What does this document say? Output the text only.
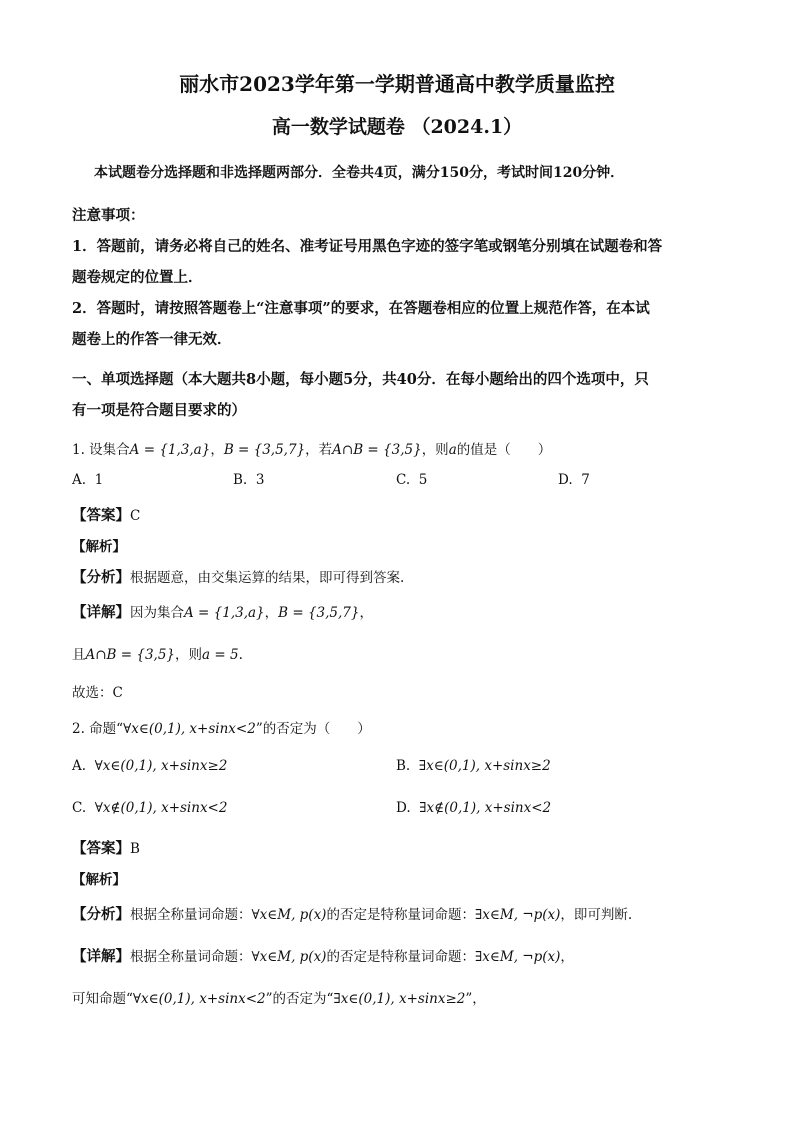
丽水市2023学年第一学期普通高中教学质量监控
高一数学试题卷 （2024.1）
本试题卷分选择题和非选择题两部分．全卷共4页，满分150分，考试时间120分钟．
注意事项：
1．答题前，请务必将自己的姓名、准考证号用黑色字迹的签字笔或钢笔分别填在试题卷和答
题卷规定的位置上．
2．答题时，请按照答题卷上“注意事项”的要求，在答题卷相应的位置上规范作答，在本试
题卷上的作答一律无效．
一、单项选择题（本大题共8小题，每小题5分，共40分．在每小题给出的四个选项中，只
有一项是符合题目要求的）
1. 设集合A = {1,3,a}，B = {3,5,7}，若A∩B = {3,5}，则a的值是（　　）
A. 1	B. 3	C. 5	D. 7
【答案】C
【解析】
【分析】根据题意，由交集运算的结果，即可得到答案.
【详解】因为集合A = {1,3,a}，B = {3,5,7}，
且A∩B = {3,5}，则a = 5.
故选：C
2. 命题“∀x∈(0,1), x+sinx<2”的否定为（　　）
A. ∀x∈(0,1), x+sinx≥2	B. ∃x∈(0,1), x+sinx≥2
C. ∀x∉(0,1), x+sinx<2	D. ∃x∉(0,1), x+sinx<2
【答案】B
【解析】
【分析】根据全称量词命题：∀x∈M, p(x)的否定是特称量词命题：∃x∈M, ¬p(x)，即可判断.
【详解】根据全称量词命题：∀x∈M, p(x)的否定是特称量词命题：∃x∈M, ¬p(x)，
可知命题“∀x∈(0,1), x+sinx<2”的否定为“∃x∈(0,1), x+sinx≥2”，
